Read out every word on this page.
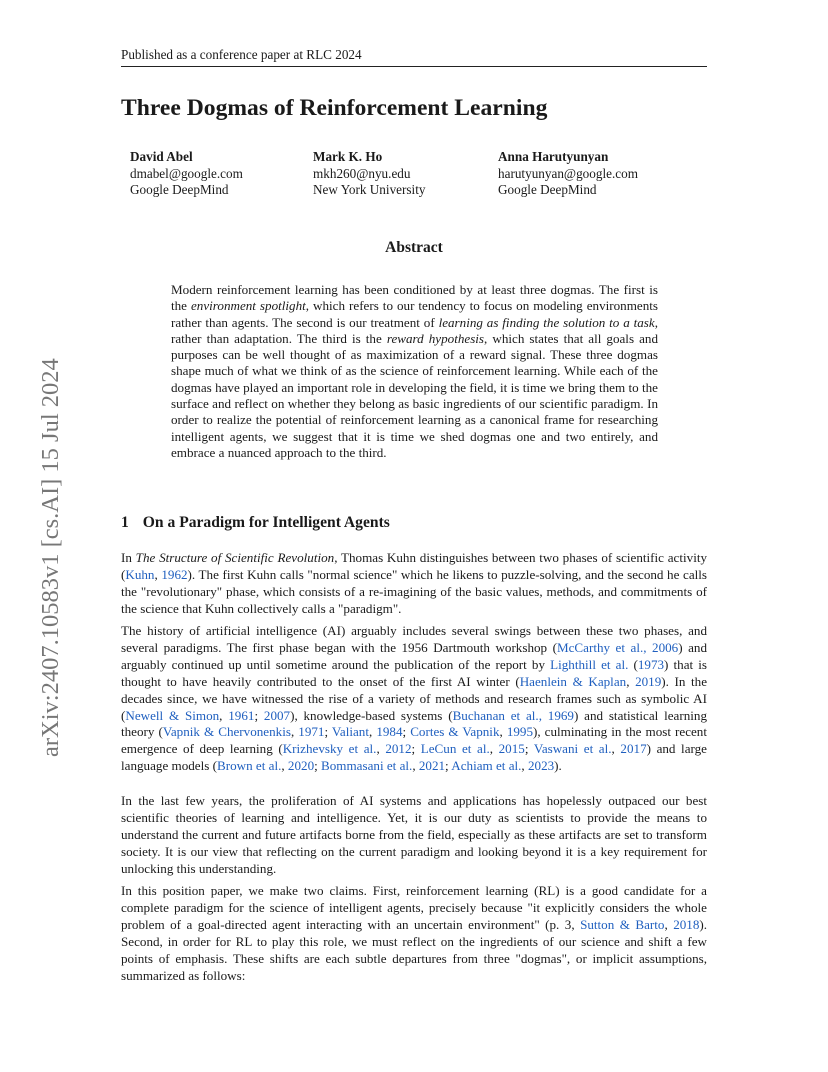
Published as a conference paper at RLC 2024
Three Dogmas of Reinforcement Learning
David Abel
dmabel@google.com
Google DeepMind
Mark K. Ho
mkh260@nyu.edu
New York University
Anna Harutyunyan
harutyunyan@google.com
Google DeepMind
Abstract

Modern reinforcement learning has been conditioned by at least three dogmas. The first is the environment spotlight, which refers to our tendency to focus on modeling environments rather than agents. The second is our treatment of learning as finding the solution to a task, rather than adaptation. The third is the reward hypothesis, which states that all goals and purposes can be well thought of as maximization of a reward signal. These three dogmas shape much of what we think of as the science of reinforcement learning. While each of the dogmas have played an important role in developing the field, it is time we bring them to the surface and reflect on whether they belong as basic ingredients of our scientific paradigm. In order to realize the potential of reinforcement learning as a canonical frame for researching intelligent agents, we suggest that it is time we shed dogmas one and two entirely, and embrace a nuanced approach to the third.

1 On a Paradigm for Intelligent Agents

In The Structure of Scientific Revolution, Thomas Kuhn distinguishes between two phases of scientific activity (Kuhn, 1962). The first Kuhn calls "normal science" which he likens to puzzle-solving, and the second he calls the "revolutionary" phase, which consists of a re-imagining of the basic values, methods, and commitments of the science that Kuhn collectively calls a "paradigm".

The history of artificial intelligence (AI) arguably includes several swings between these two phases, and several paradigms. The first phase began with the 1956 Dartmouth workshop (McCarthy et al., 2006) and arguably continued up until sometime around the publication of the report by Lighthill et al. (1973) that is thought to have heavily contributed to the onset of the first AI winter (Haenlein & Kaplan, 2019). In the decades since, we have witnessed the rise of a variety of methods and research frames such as symbolic AI (Newell & Simon, 1961; 2007), knowledge-based systems (Buchanan et al., 1969) and statistical learning theory (Vapnik & Chervonenkis, 1971; Valiant, 1984; Cortes & Vapnik, 1995), culminating in the most recent emergence of deep learning (Krizhevsky et al., 2012; LeCun et al., 2015; Vaswani et al., 2017) and large language models (Brown et al., 2020; Bommasani et al., 2021; Achiam et al., 2023).

In the last few years, the proliferation of AI systems and applications has hopelessly outpaced our best scientific theories of learning and intelligence. Yet, it is our duty as scientists to provide the means to understand the current and future artifacts borne from the field, especially as these artifacts are set to transform society. It is our view that reflecting on the current paradigm and looking beyond it is a key requirement for unlocking this understanding.

In this position paper, we make two claims. First, reinforcement learning (RL) is a good candidate for a complete paradigm for the science of intelligent agents, precisely because "it explicitly considers the whole problem of a goal-directed agent interacting with an uncertain environment" (p. 3, Sutton & Barto, 2018). Second, in order for RL to play this role, we must reflect on the ingredients of our science and shift a few points of emphasis. These shifts are each subtle departures from three "dogmas", or implicit assumptions, summarized as follows:

arXiv:2407.10583v1 [cs.AI] 15 Jul 2024
